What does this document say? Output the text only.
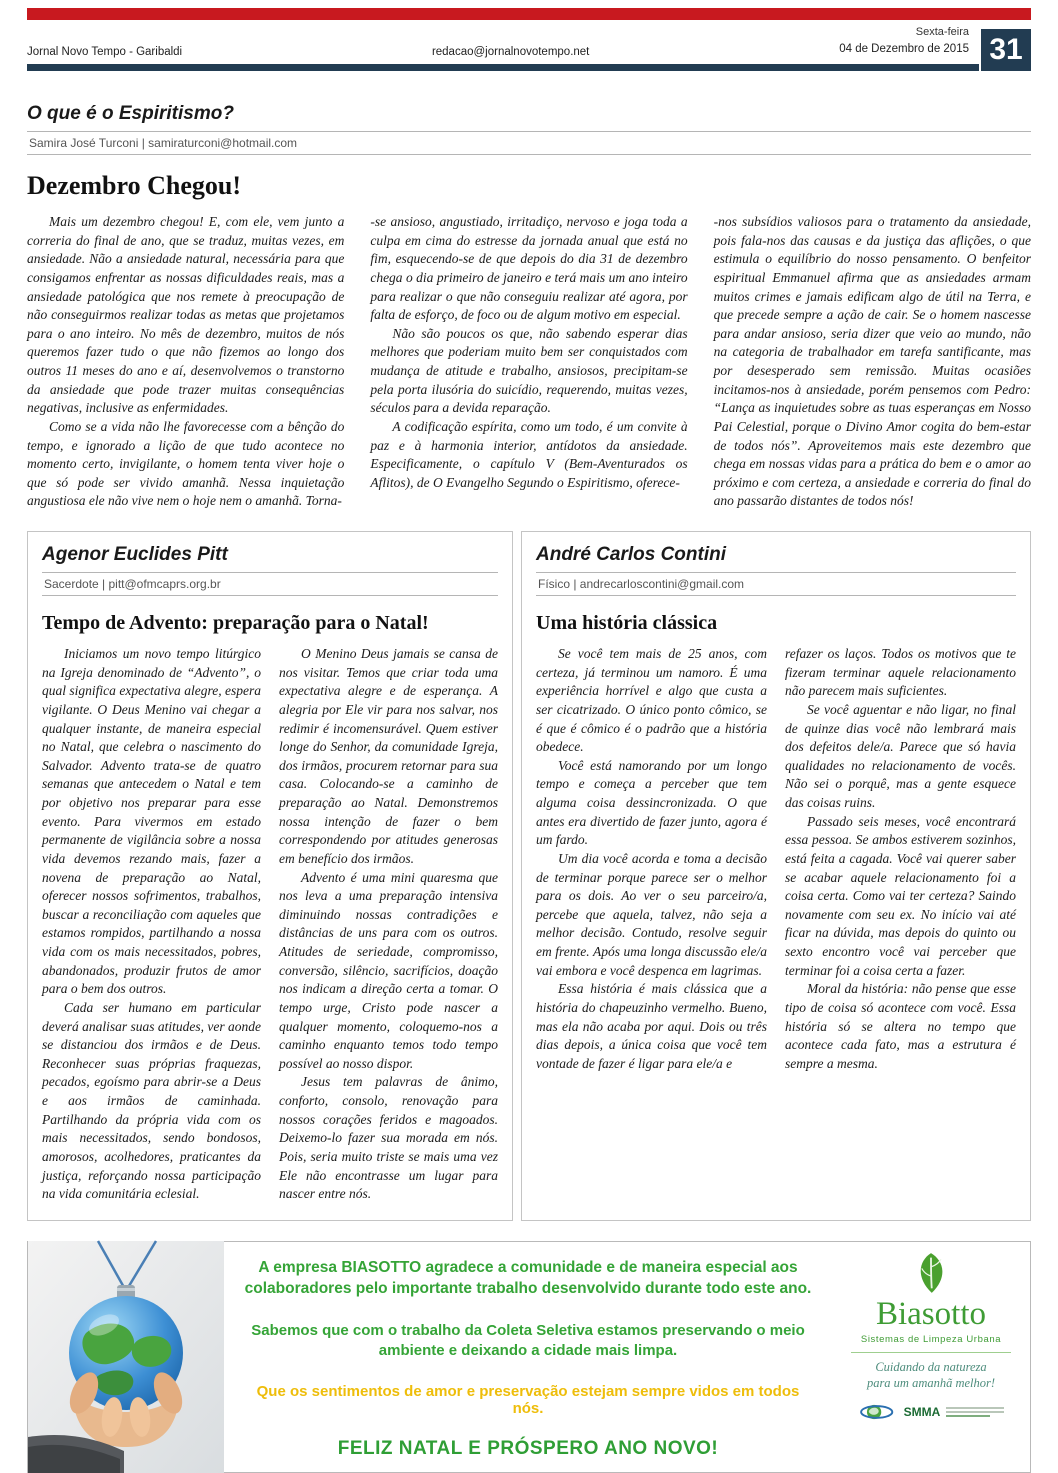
Jornal Novo Tempo - Garibaldi	redacao@jornalnovotempo.net
Sexta-feira
04 de Dezembro de 2015 31
O que é o Espiritismo?
Samira José Turconi | samiraturconi@hotmail.com
Dezembro Chegou!

Mais um dezembro chegou! E, com ele, vem junto a correria do final de ano, que se traduz, muitas vezes, em ansiedade. Não a ansiedade natural, necessária para que consigamos enfrentar as nossas dificuldades reais, mas a ansiedade patológica que nos remete à preocupação de não conseguirmos realizar todas as metas que projetamos para o ano inteiro. No mês de dezembro, muitos de nós queremos fazer tudo o que não fizemos ao longo dos outros 11 meses do ano e aí, desenvolvemos o transtorno da ansiedade que pode trazer muitas consequências negativas, inclusive as enfermidades.

Como se a vida não lhe favorecesse com a bênção do tempo, e ignorado a lição de que tudo acontece no momento certo, invigilante, o homem tenta viver hoje o que só pode ser vivido amanhã. Nessa inquietação angustiosa ele não vive nem o hoje nem o amanhã. Torna-

-se ansioso, angustiado, irritadiço, nervoso e joga toda a culpa em cima do estresse da jornada anual que está no fim, esquecendo-se de que depois do dia 31 de dezembro chega o dia primeiro de janeiro e terá mais um ano inteiro para realizar o que não conseguiu realizar até agora, por falta de esforço, de foco ou de algum motivo em especial.

Não são poucos os que, não sabendo esperar dias melhores que poderiam muito bem ser conquistados com mudança de atitude e trabalho, ansiosos, precipitam-se pela porta ilusória do suicídio, requerendo, muitas vezes, séculos para a devida reparação.

A codificação espírita, como um todo, é um convite à paz e à harmonia interior, antídotos da ansiedade. Especificamente, o capítulo V (Bem-Aventurados os Aflitos), de O Evangelho Segundo o Espiritismo, oferece-

-nos subsídios valiosos para o tratamento da ansiedade, pois fala-nos das causas e da justiça das aflições, o que estimula o equilíbrio do nosso pensamento. O benfeitor espiritual Emmanuel afirma que as ansiedades armam muitos crimes e jamais edificam algo de útil na Terra, e que precede sempre a ação de cair. Se o homem nascesse para andar ansioso, seria dizer que veio ao mundo, não na categoria de trabalhador em tarefa santificante, mas por desesperado sem remissão. Muitas ocasiões incitamos-nos à ansiedade, porém pensemos com Pedro: “Lança as inquietudes sobre as tuas esperanças em Nosso Pai Celestial, porque o Divino Amor cogita do bem-estar de todos nós”. Aproveitemos mais este dezembro que chega em nossas vidas para a prática do bem e o amor ao próximo e com certeza, a ansiedade e correria do final do ano passarão distantes de todos nós!

Agenor Euclides Pitt
Sacerdote | pitt@ofmcaprs.org.br
Tempo de Advento: preparação para o Natal!

Iniciamos um novo tempo litúrgico na Igreja denominado de “Advento”, o qual significa expectativa alegre, espera vigilante. O Deus Menino vai chegar a qualquer instante, de maneira especial no Natal, que celebra o nascimento do Salvador. Advento trata-se de quatro semanas que antecedem o Natal e tem por objetivo nos preparar para esse evento. Para vivermos em estado permanente de vigilância sobre a nossa vida devemos rezando mais, fazer a novena de preparação ao Natal, oferecer nossos sofrimentos, trabalhos, buscar a reconciliação com aqueles que estamos rompidos, partilhando a nossa vida com os mais necessitados, pobres, abandonados, produzir frutos de amor para o bem dos outros.

Cada ser humano em particular deverá analisar suas atitudes, ver aonde se distanciou dos irmãos e de Deus. Reconhecer suas próprias fraquezas, pecados, egoísmo para abrir-se a Deus e aos irmãos de caminhada. Partilhando da própria vida com os mais necessitados, sendo bondosos, amorosos, acolhedores, praticantes da justiça, reforçando nossa participação na vida comunitária eclesial.

O Menino Deus jamais se cansa de nos visitar. Temos que criar toda uma expectativa alegre e de esperança. A alegria por Ele vir para nos salvar, nos redimir é incomensurável. Quem estiver longe do Senhor, da comunidade Igreja, dos irmãos, procurem retornar para sua casa. Colocando-se a caminho de preparação ao Natal. Demonstremos nossa intenção de fazer o bem correspondendo por atitudes generosas em benefício dos irmãos.

Advento é uma mini quaresma que nos leva a uma preparação intensiva diminuindo nossas contradições e distâncias de uns para com os outros. Atitudes de seriedade, compromisso, conversão, silêncio, sacrifícios, doação nos indicam a direção certa a tomar. O tempo urge, Cristo pode nascer a qualquer momento, coloquemo-nos a caminho enquanto temos todo tempo possível ao nosso dispor.

Jesus tem palavras de ânimo, conforto, consolo, renovação para nossos corações feridos e magoados. Deixemo-lo fazer sua morada em nós. Pois, seria muito triste se mais uma vez Ele não encontrasse um lugar para nascer entre nós.

André Carlos Contini
Físico | andrecarloscontini@gmail.com
Uma história clássica

Se você tem mais de 25 anos, com certeza, já terminou um namoro. É uma experiência horrível e algo que custa a ser cicatrizado. O único ponto cômico, se é que é cômico é o padrão que a história obedece.

Você está namorando por um longo tempo e começa a perceber que tem alguma coisa dessincronizada. O que antes era divertido de fazer junto, agora é um fardo.

Um dia você acorda e toma a decisão de terminar porque parece ser o melhor para os dois. Ao ver o seu parceiro/a, percebe que aquela, talvez, não seja a melhor decisão. Contudo, resolve seguir em frente. Após uma longa discussão ele/a vai embora e você despenca em lagrimas.

Essa história é mais clássica que a história do chapeuzinho vermelho. Bueno, mas ela não acaba por aqui. Dois ou três dias depois, a única coisa que você tem vontade de fazer é ligar para ele/a e

refazer os laços. Todos os motivos que te fizeram terminar aquele relacionamento não parecem mais suficientes.

Se você aguentar e não ligar, no final de quinze dias você não lembrará mais dos defeitos dele/a. Parece que só havia qualidades no relacionamento de vocês. Não sei o porquê, mas a gente esquece das coisas ruins.

Passado seis meses, você encontrará essa pessoa. Se ambos estiverem sozinhos, está feita a cagada. Você vai querer saber se acabar aquele relacionamento foi a coisa certa. Como vai ter certeza? Saindo novamente com seu ex. No início vai até ficar na dúvida, mas depois do quinto ou sexto encontro você vai perceber que terminar foi a coisa certa a fazer.

Moral da história: não pense que esse tipo de coisa só acontece com você. Essa história só se altera no tempo que acontece cada fato, mas a estrutura é sempre a mesma.

A empresa BIASOTTO agradece a comunidade e de maneira especial aos colaboradores pelo importante trabalho desenvolvido durante todo este ano.

Sabemos que com o trabalho da Coleta Seletiva estamos preservando o meio ambiente e deixando a cidade mais limpa.

Que os sentimentos de amor e preservação estejam sempre vidos em todos nós.

FELIZ NATAL E PRÓSPERO ANO NOVO!

Biasotto
Sistemas de Limpeza Urbana
Cuidando da natureza
para um amanhã melhor!
SMMA
